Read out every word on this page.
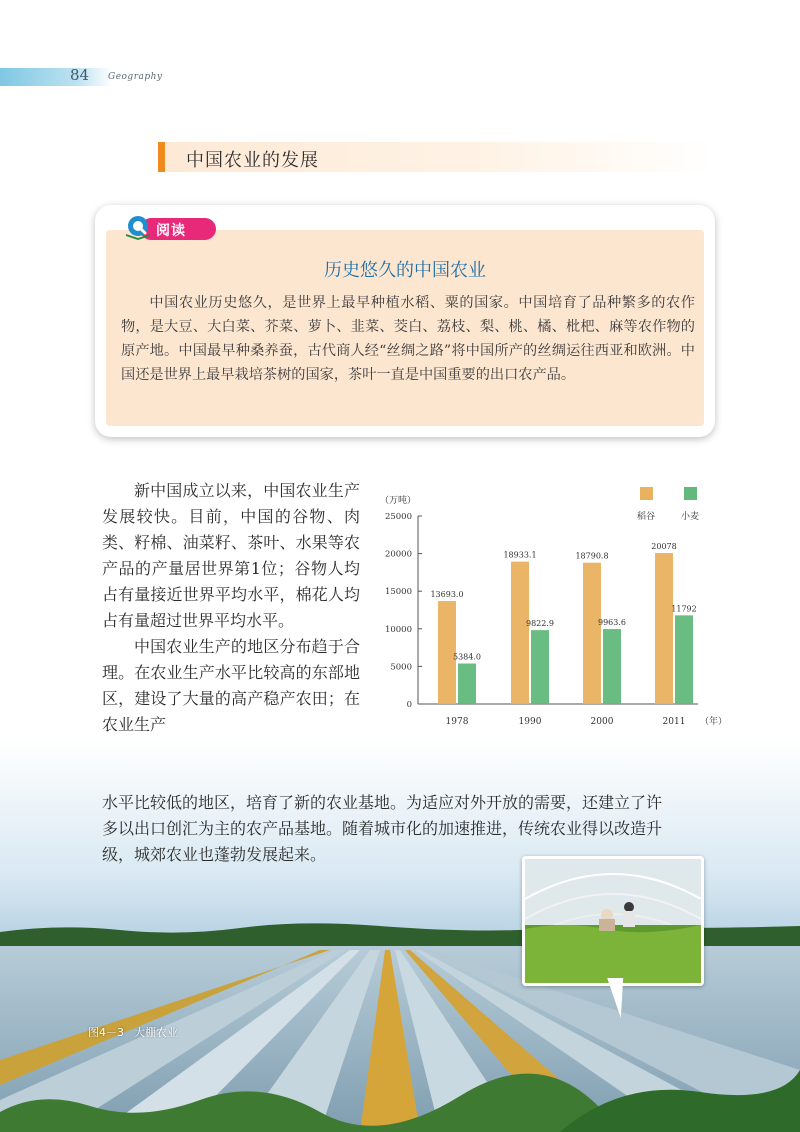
84 Geography
中国农业的发展
阅读
历史悠久的中国农业
中国农业历史悠久，是世界上最早种植水稻、粟的国家。中国培育了品种繁多的农作物，是大豆、大白菜、芥菜、萝卜、韭菜、茭白、荔枝、梨、桃、橘、枇杷、麻等农作物的原产地。中国最早种桑养蚕，古代商人经“丝绸之路”将中国所产的丝绸运往西亚和欧洲。中国还是世界上最早栽培茶树的国家，茶叶一直是中国重要的出口农产品。

新中国成立以来，中国农业生产发展较快。目前，中国的谷物、肉类、籽棉、油菜籽、茶叶、水果等农产品的产量居世界第1位；谷物人均占有量接近世界平均水平，棉花人均占有量超过世界平均水平。

中国农业生产的地区分布趋于合理。在农业生产水平比较高的东部地区，建设了大量的高产稳产农田；在农业生产

（万吨）
0
5000
10000
15000
20000
25000	稻谷	小麦
13693.0
5384.0
1978
18933.1
9822.9
1990
18790.8
9963.6
2000
20078
11792
2011 （年）

水平比较低的地区，培育了新的农业基地。为适应对外开放的需要，还建立了许多以出口创汇为主的农产品基地。随着城市化的加速推进，传统农业得以改造升级，城郊农业也蓬勃发展起来。

图4－3 大棚农业
